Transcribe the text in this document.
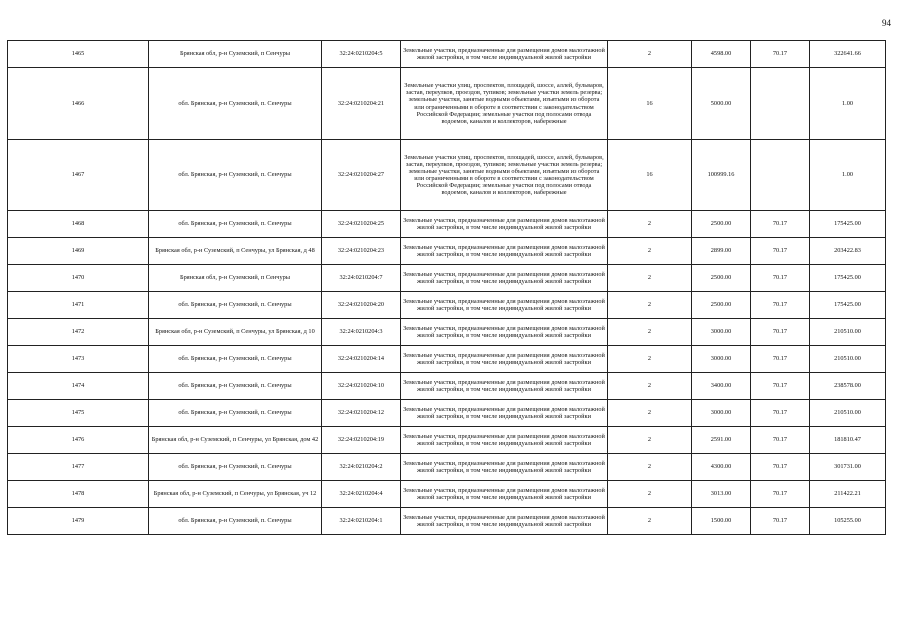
94
1465	Брянская обл, р-н Суземский, п Сенчуры	32:24:0210204:5	Земельные участки, предназначенные для размещения домов малоэтажной жилой застройки, в том числе индивидуальной жилой застройки	2	4598.00	70.17	322641.66
1466	обл. Брянская, р-н Суземский, п. Сенчуры	32:24:0210204:21	Земельные участки улиц, проспектов, площадей, шоссе, аллей, бульваров, застав, переулков, проездов, тупиков; земельные участки земель резерва; земельные участки, занятые водными объектами, изъятыми из оборота или ограниченными в обороте в соответствии с законодательством Российской Федерации; земельные участки под полосами отвода водоемов, каналов и коллекторов, набережные	16	5000.00		1.00
1467	обл. Брянская, р-н Суземский, п. Сенчуры	32:24:0210204:27	Земельные участки улиц, проспектов, площадей, шоссе, аллей, бульваров, застав, переулков, проездов, тупиков; земельные участки земель резерва; земельные участки, занятые водными объектами, изъятыми из оборота или ограниченными в обороте в соответствии с законодательством Российской Федерации; земельные участки под полосами отвода водоемов, каналов и коллекторов, набережные	16	100999.16		1.00
1468	обл. Брянская, р-н Суземский, п. Сенчуры	32:24:0210204:25	Земельные участки, предназначенные для размещения домов малоэтажной жилой застройки, в том числе индивидуальной жилой застройки	2	2500.00	70.17	175425.00
1469	Брянская обл, р-н Суземский, п Сенчуры, ул Брянская, д 48	32:24:0210204:23	Земельные участки, предназначенные для размещения домов малоэтажной жилой застройки, в том числе индивидуальной жилой застройки	2	2899.00	70.17	203422.83
1470	Брянская обл, р-н Суземский, п Сенчуры	32:24:0210204:7	Земельные участки, предназначенные для размещения домов малоэтажной жилой застройки, в том числе индивидуальной жилой застройки	2	2500.00	70.17	175425.00
1471	обл. Брянская, р-н Суземский, п. Сенчуры	32:24:0210204:20	Земельные участки, предназначенные для размещения домов малоэтажной жилой застройки, в том числе индивидуальной жилой застройки	2	2500.00	70.17	175425.00
1472	Брянская обл, р-н Суземский, п Сенчуры, ул Брянская, д 10	32:24:0210204:3	Земельные участки, предназначенные для размещения домов малоэтажной жилой застройки, в том числе индивидуальной жилой застройки	2	3000.00	70.17	210510.00
1473	обл. Брянская, р-н Суземский, п. Сенчуры	32:24:0210204:14	Земельные участки, предназначенные для размещения домов малоэтажной жилой застройки, в том числе индивидуальной жилой застройки	2	3000.00	70.17	210510.00
1474	обл. Брянская, р-н Суземский, п. Сенчуры	32:24:0210204:10	Земельные участки, предназначенные для размещения домов малоэтажной жилой застройки, в том числе индивидуальной жилой застройки	2	3400.00	70.17	238578.00
1475	обл. Брянская, р-н Суземский, п. Сенчуры	32:24:0210204:12	Земельные участки, предназначенные для размещения домов малоэтажной жилой застройки, в том числе индивидуальной жилой застройки	2	3000.00	70.17	210510.00
1476	Брянская обл, р-н Суземский, п Сенчуры, ул Брянская, дом 42	32:24:0210204:19	Земельные участки, предназначенные для размещения домов малоэтажной жилой застройки, в том числе индивидуальной жилой застройки	2	2591.00	70.17	181810.47
1477	обл. Брянская, р-н Суземский, п. Сенчуры	32:24:0210204:2	Земельные участки, предназначенные для размещения домов малоэтажной жилой застройки, в том числе индивидуальной жилой застройки	2	4300.00	70.17	301731.00
1478	Брянская обл, р-н Суземский, п Сенчуры, ул Брянская, уч 12	32:24:0210204:4	Земельные участки, предназначенные для размещения домов малоэтажной жилой застройки, в том числе индивидуальной жилой застройки	2	3013.00	70.17	211422.21
1479	обл. Брянская, р-н Суземский, п. Сенчуры	32:24:0210204:1	Земельные участки, предназначенные для размещения домов малоэтажной жилой застройки, в том числе индивидуальной жилой застройки	2	1500.00	70.17	105255.00
